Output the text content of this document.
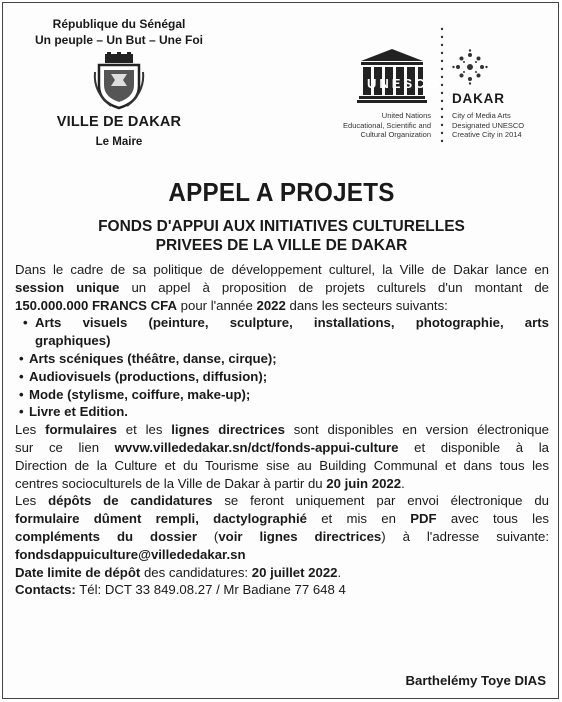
République du Sénégal
Un peuple – Un But – Une Foi
VILLE DE DAKAR
Le Maire
UNESCO
United Nations
Educational, Scientific and
Cultural Organization
DAKAR
City of Media Arts
Designated UNESCO
Creative City in 2014
APPEL A PROJETS
FONDS D'APPUI AUX INITIATIVES CULTURELLES
PRIVEES DE LA VILLE DE DAKAR
Dans le cadre de sa politique de développement culturel, la Ville de Dakar lance en
session unique un appel à proposition de projets culturels d'un montant de
150.000.000 FRANCS CFA pour l'année 2022 dans les secteurs suivants:
• Arts visuels (peinture, sculpture, installations, photographie, arts
graphiques)
• Arts scéniques (théâtre, danse, cirque);
• Audiovisuels (productions, diffusion);
• Mode (stylisme, coiffure, make-up);
• Livre et Edition.
Les formulaires et les lignes directrices sont disponibles en version électronique
sur ce lien wvvw.villededakar.sn/dct/fonds-appui-culture et disponible à la
Direction de la Culture et du Tourisme sise au Building Communal et dans tous les
centres socioculturels de la Ville de Dakar à partir du 20 juin 2022.
Les dépôts de candidatures se feront uniquement par envoi électronique du
formulaire dûment rempli, dactylographié et mis en PDF avec tous les
compléments du dossier (voir lignes directrices) à l'adresse suivante:
fondsdappuiculture@villededakar.sn
Date limite de dépôt des candidatures: 20 juillet 2022.
Contacts: Tél: DCT 33 849.08.27 / Mr Badiane 77 648 4
Barthelémy Toye DIAS
